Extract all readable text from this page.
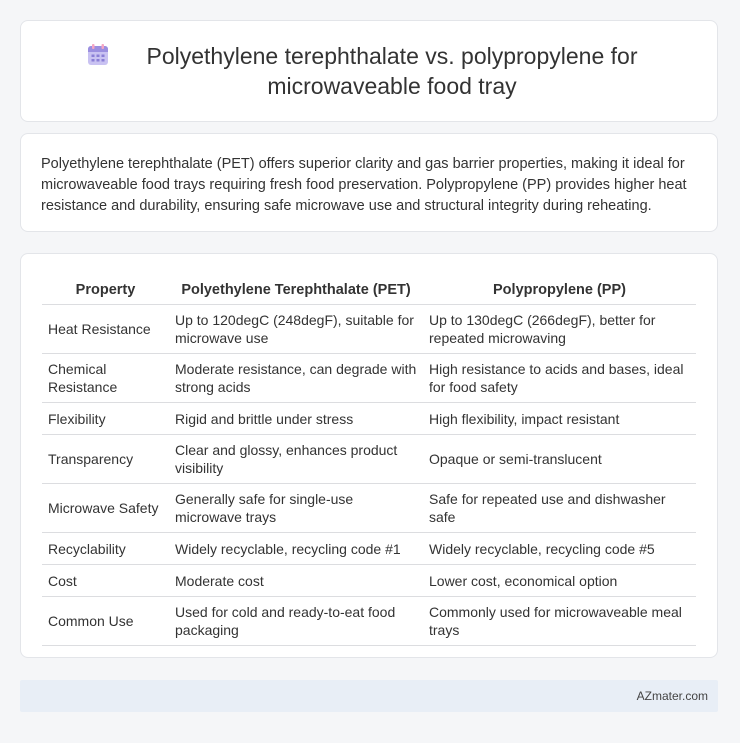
Polyethylene terephthalate vs. polypropylene for microwaveable food tray
Polyethylene terephthalate (PET) offers superior clarity and gas barrier properties, making it ideal for microwaveable food trays requiring fresh food preservation. Polypropylene (PP) provides higher heat resistance and durability, ensuring safe microwave use and structural integrity during reheating.
Property	Polyethylene Terephthalate (PET)	Polypropylene (PP)
Heat Resistance	Up to 120degC (248degF), suitable for microwave use	Up to 130degC (266degF), better for repeated microwaving
Chemical Resistance	Moderate resistance, can degrade with strong acids	High resistance to acids and bases, ideal for food safety
Flexibility	Rigid and brittle under stress	High flexibility, impact resistant
Transparency	Clear and glossy, enhances product visibility	Opaque or semi-translucent
Microwave Safety	Generally safe for single-use microwave trays	Safe for repeated use and dishwasher safe
Recyclability	Widely recyclable, recycling code #1	Widely recyclable, recycling code #5
Cost	Moderate cost	Lower cost, economical option
Common Use	Used for cold and ready-to-eat food packaging	Commonly used for microwaveable meal trays
AZmater.com
